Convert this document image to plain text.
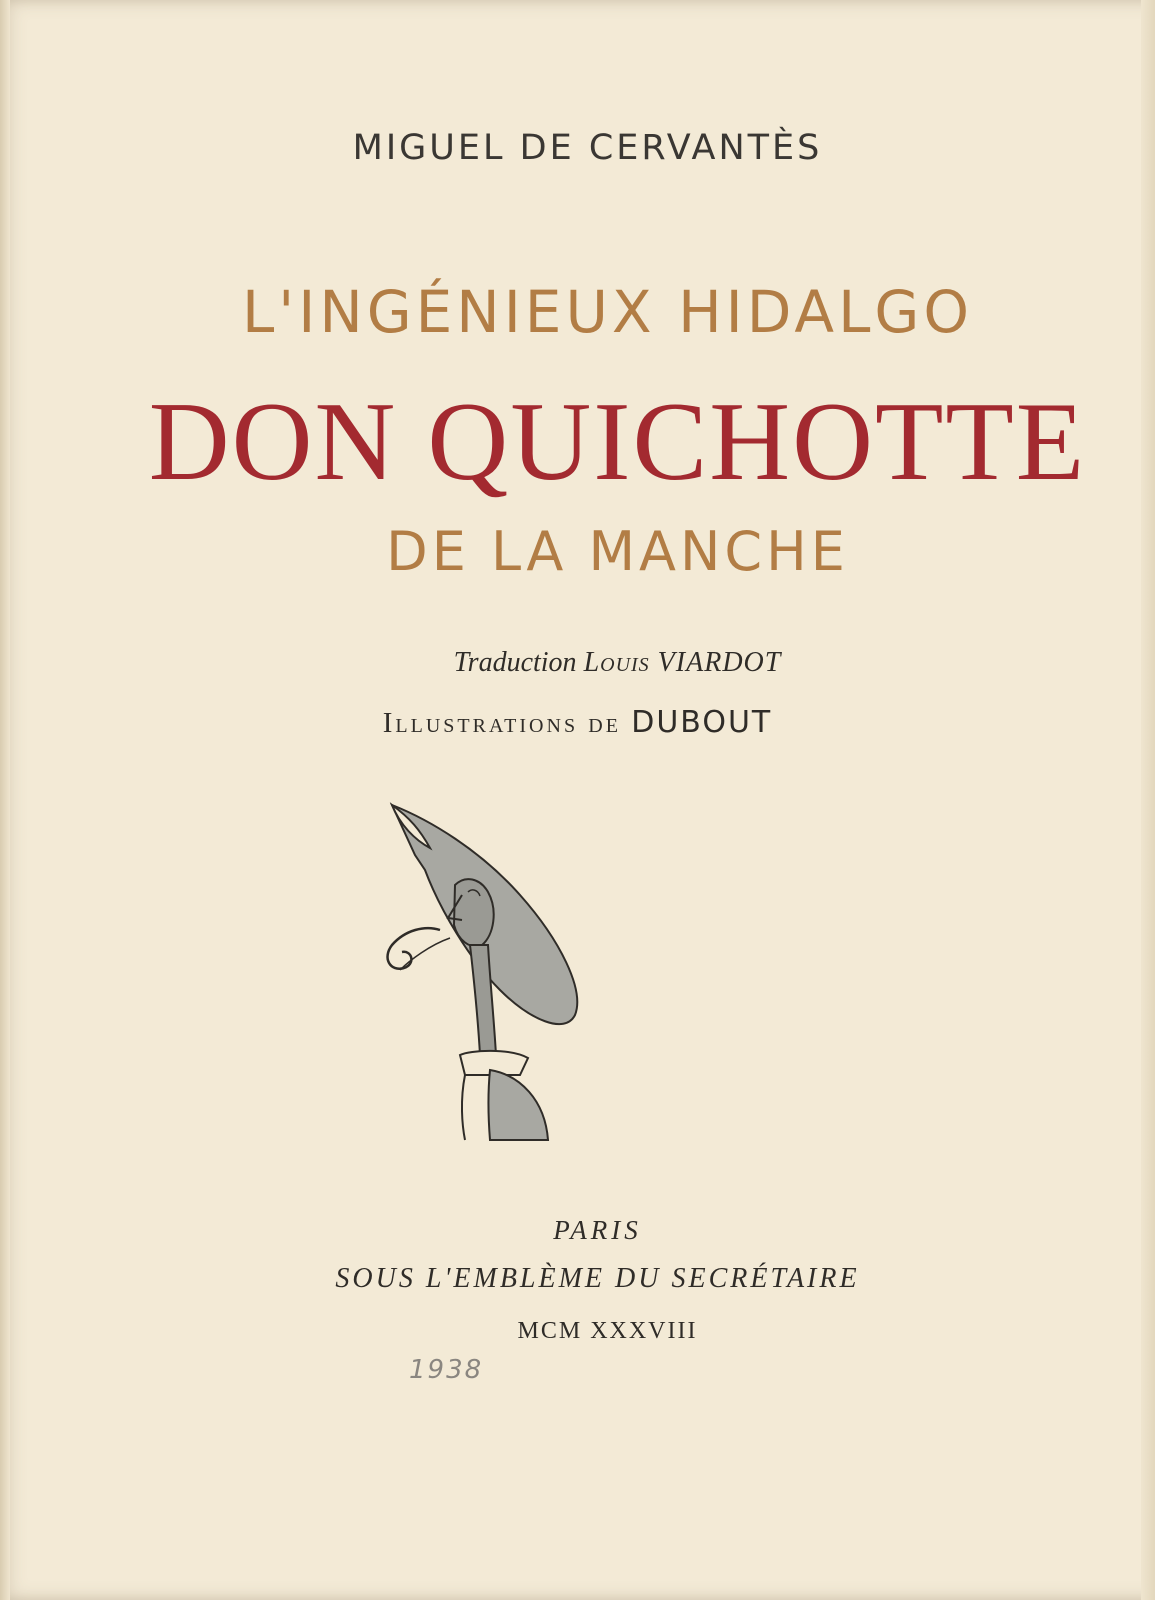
MIGUEL DE CERVANTÈS
L'INGÉNIEUX HIDALGO
DON QUICHOTTE
DE LA MANCHE
Traduction Louis VIARDOT
Illustrations de DUBOUT
PARIS
SOUS L'EMBLÈME DU SECRÉTAIRE
MCM XXXVIII
1938
